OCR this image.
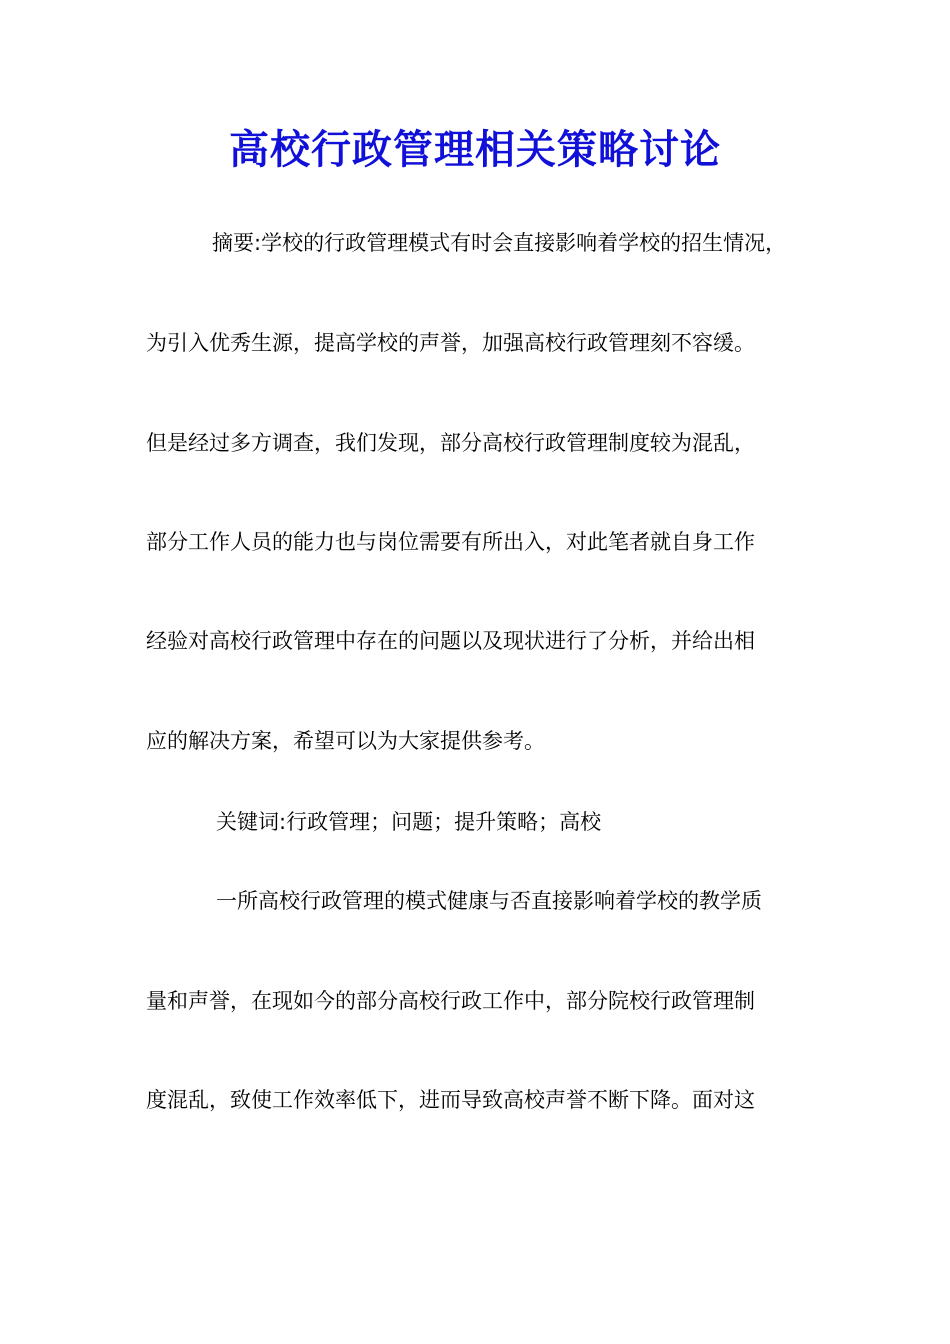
高校行政管理相关策略讨论
摘要:学校的行政管理模式有时会直接影响着学校的招生情况，
为引入优秀生源，提高学校的声誉，加强高校行政管理刻不容缓。
但是经过多方调查，我们发现，部分高校行政管理制度较为混乱，
部分工作人员的能力也与岗位需要有所出入，对此笔者就自身工作
经验对高校行政管理中存在的问题以及现状进行了分析，并给出相
应的解决方案，希望可以为大家提供参考。
关键词:行政管理；问题；提升策略；高校
一所高校行政管理的模式健康与否直接影响着学校的教学质
量和声誉，在现如今的部分高校行政工作中，部分院校行政管理制
度混乱，致使工作效率低下，进而导致高校声誉不断下降。面对这
